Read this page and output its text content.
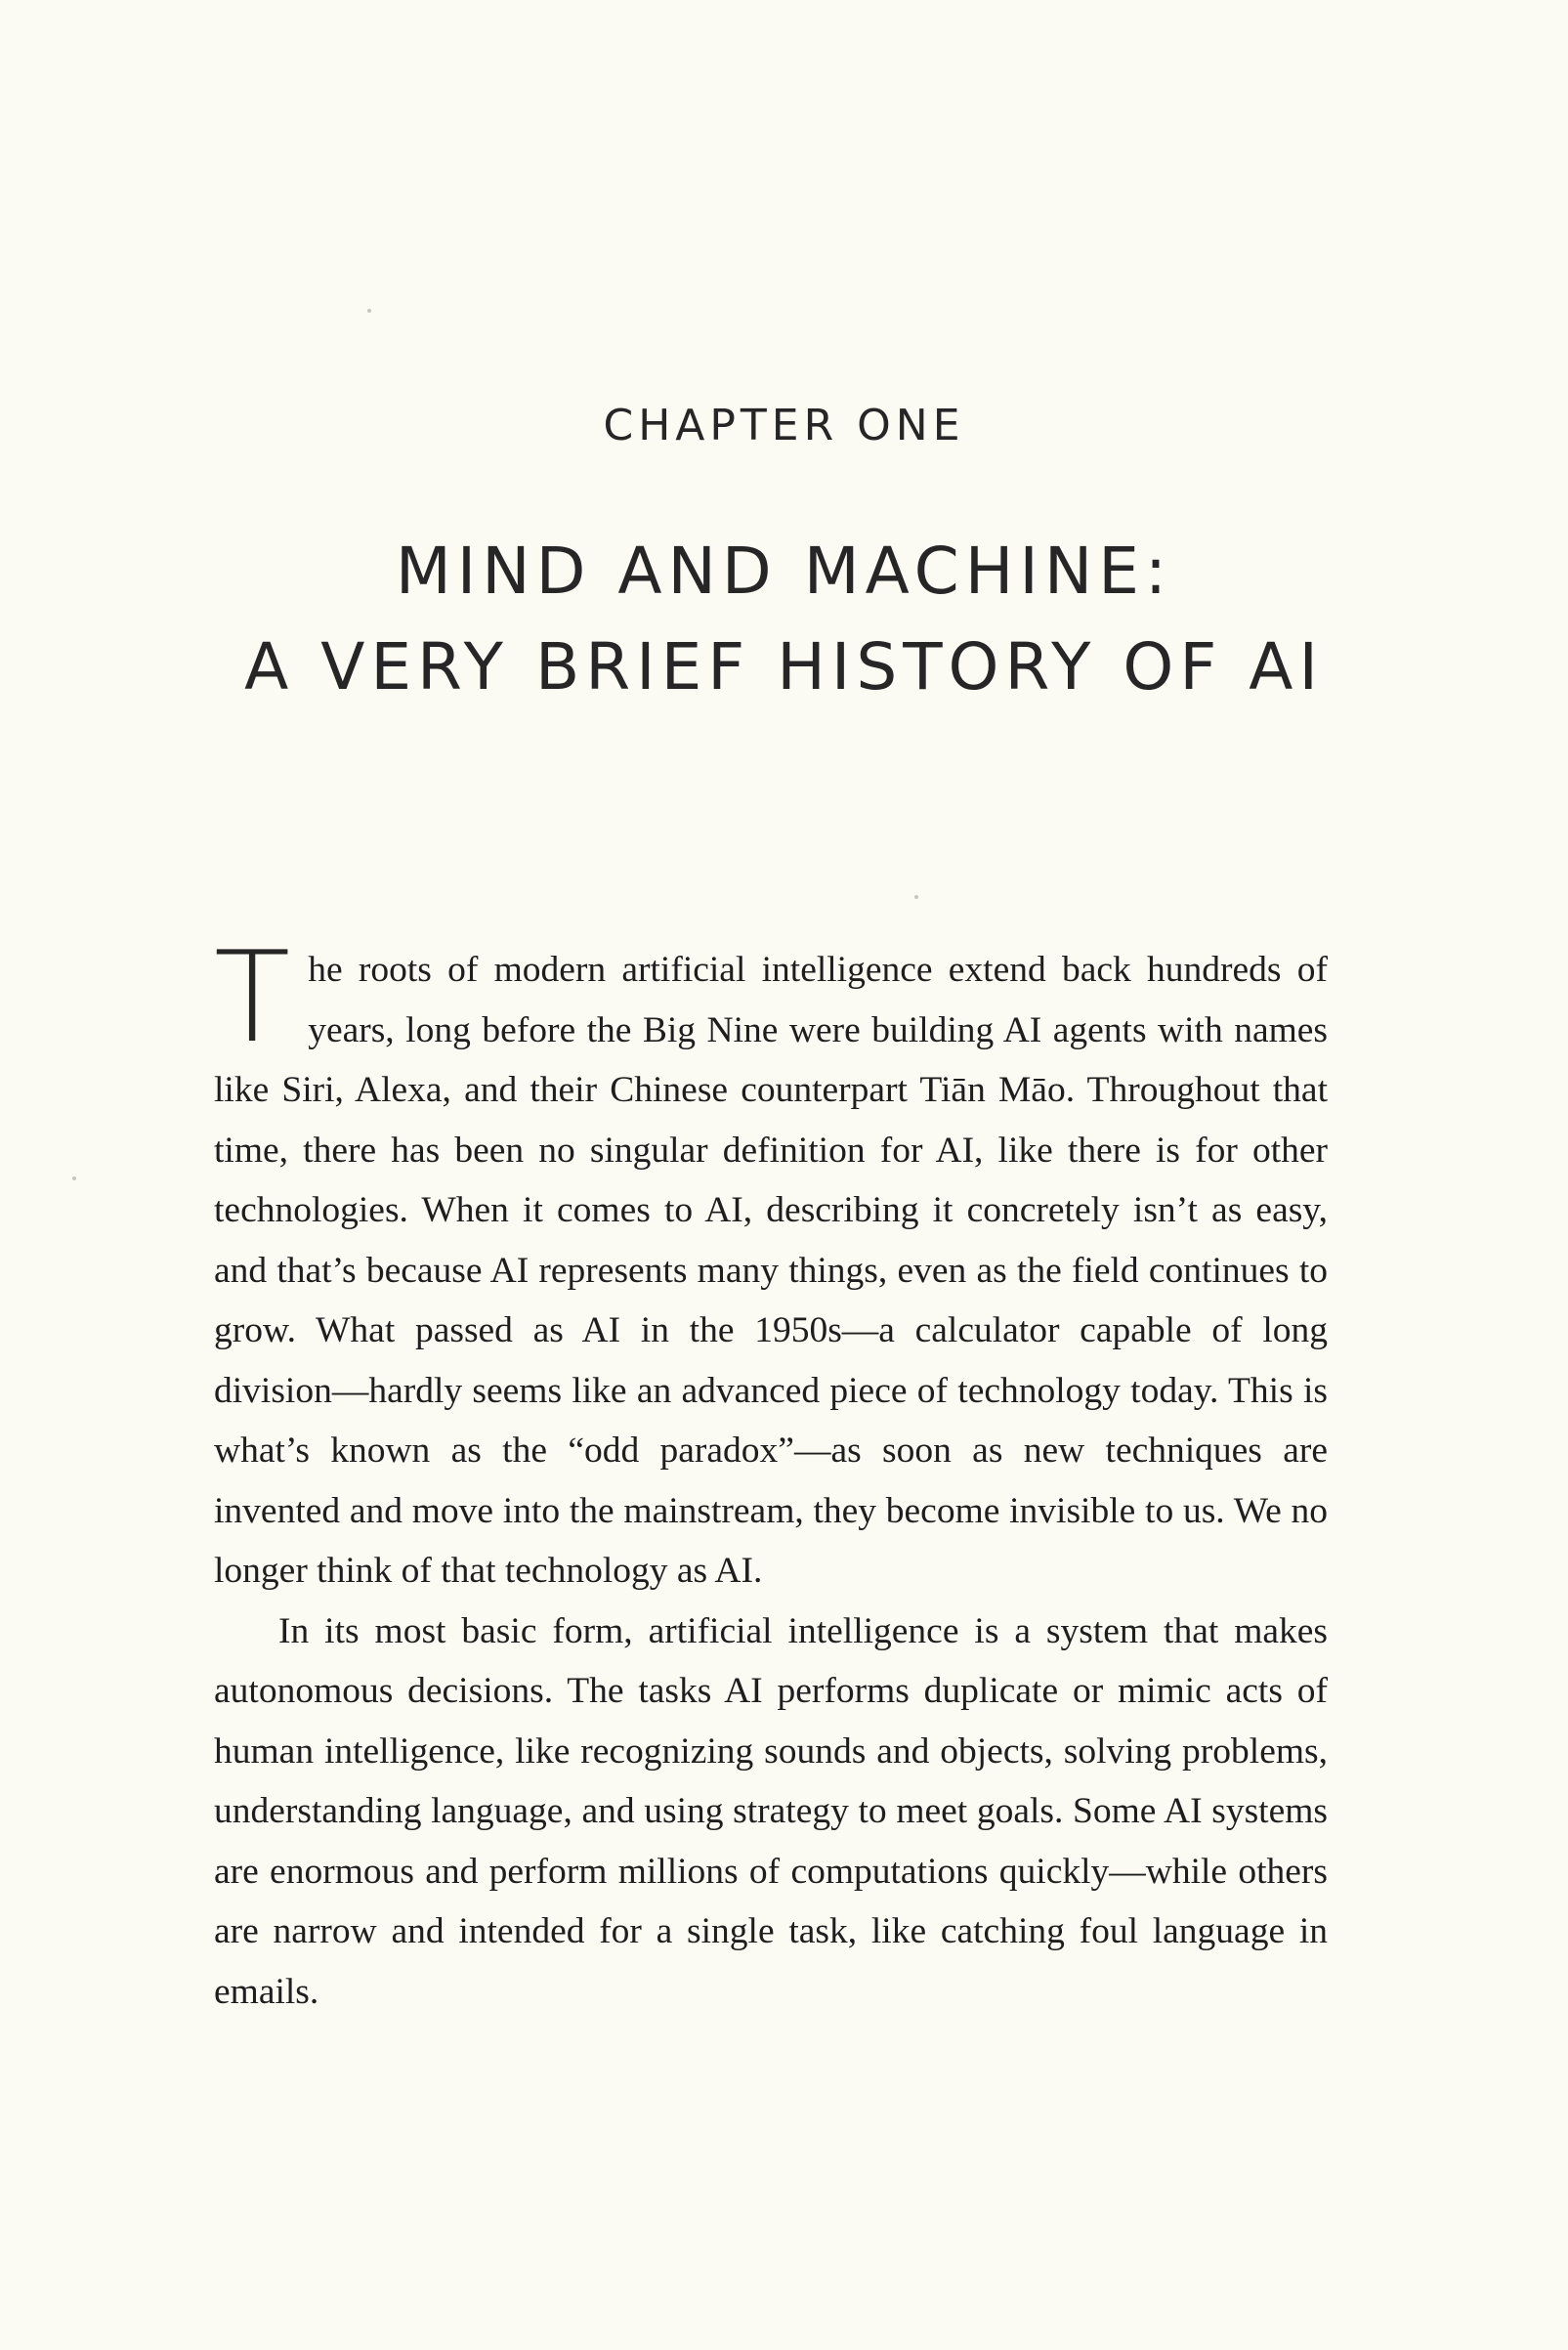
CHAPTER ONE
MIND AND MACHINE:
A VERY BRIEF HISTORY OF AI

The roots of modern artificial intelligence extend back hundreds of years, long before the Big Nine were building AI agents with names like Siri, Alexa, and their Chinese counterpart Tiān Māo. Throughout that time, there has been no singular definition for AI, like there is for other technologies. When it comes to AI, describing it concretely isn’t as easy, and that’s because AI represents many things, even as the field continues to grow. What passed as AI in the 1950s—a calculator capable of long division—hardly seems like an advanced piece of technology today. This is what’s known as the “odd paradox”—as soon as new techniques are invented and move into the mainstream, they become invisible to us. We no longer think of that technology as AI.

In its most basic form, artificial intelligence is a system that makes autonomous decisions. The tasks AI performs duplicate or mimic acts of human intelligence, like recognizing sounds and objects, solving problems, understanding language, and using strategy to meet goals. Some AI systems are enormous and perform millions of computations quickly—while others are narrow and intended for a single task, like catching foul language in emails.
